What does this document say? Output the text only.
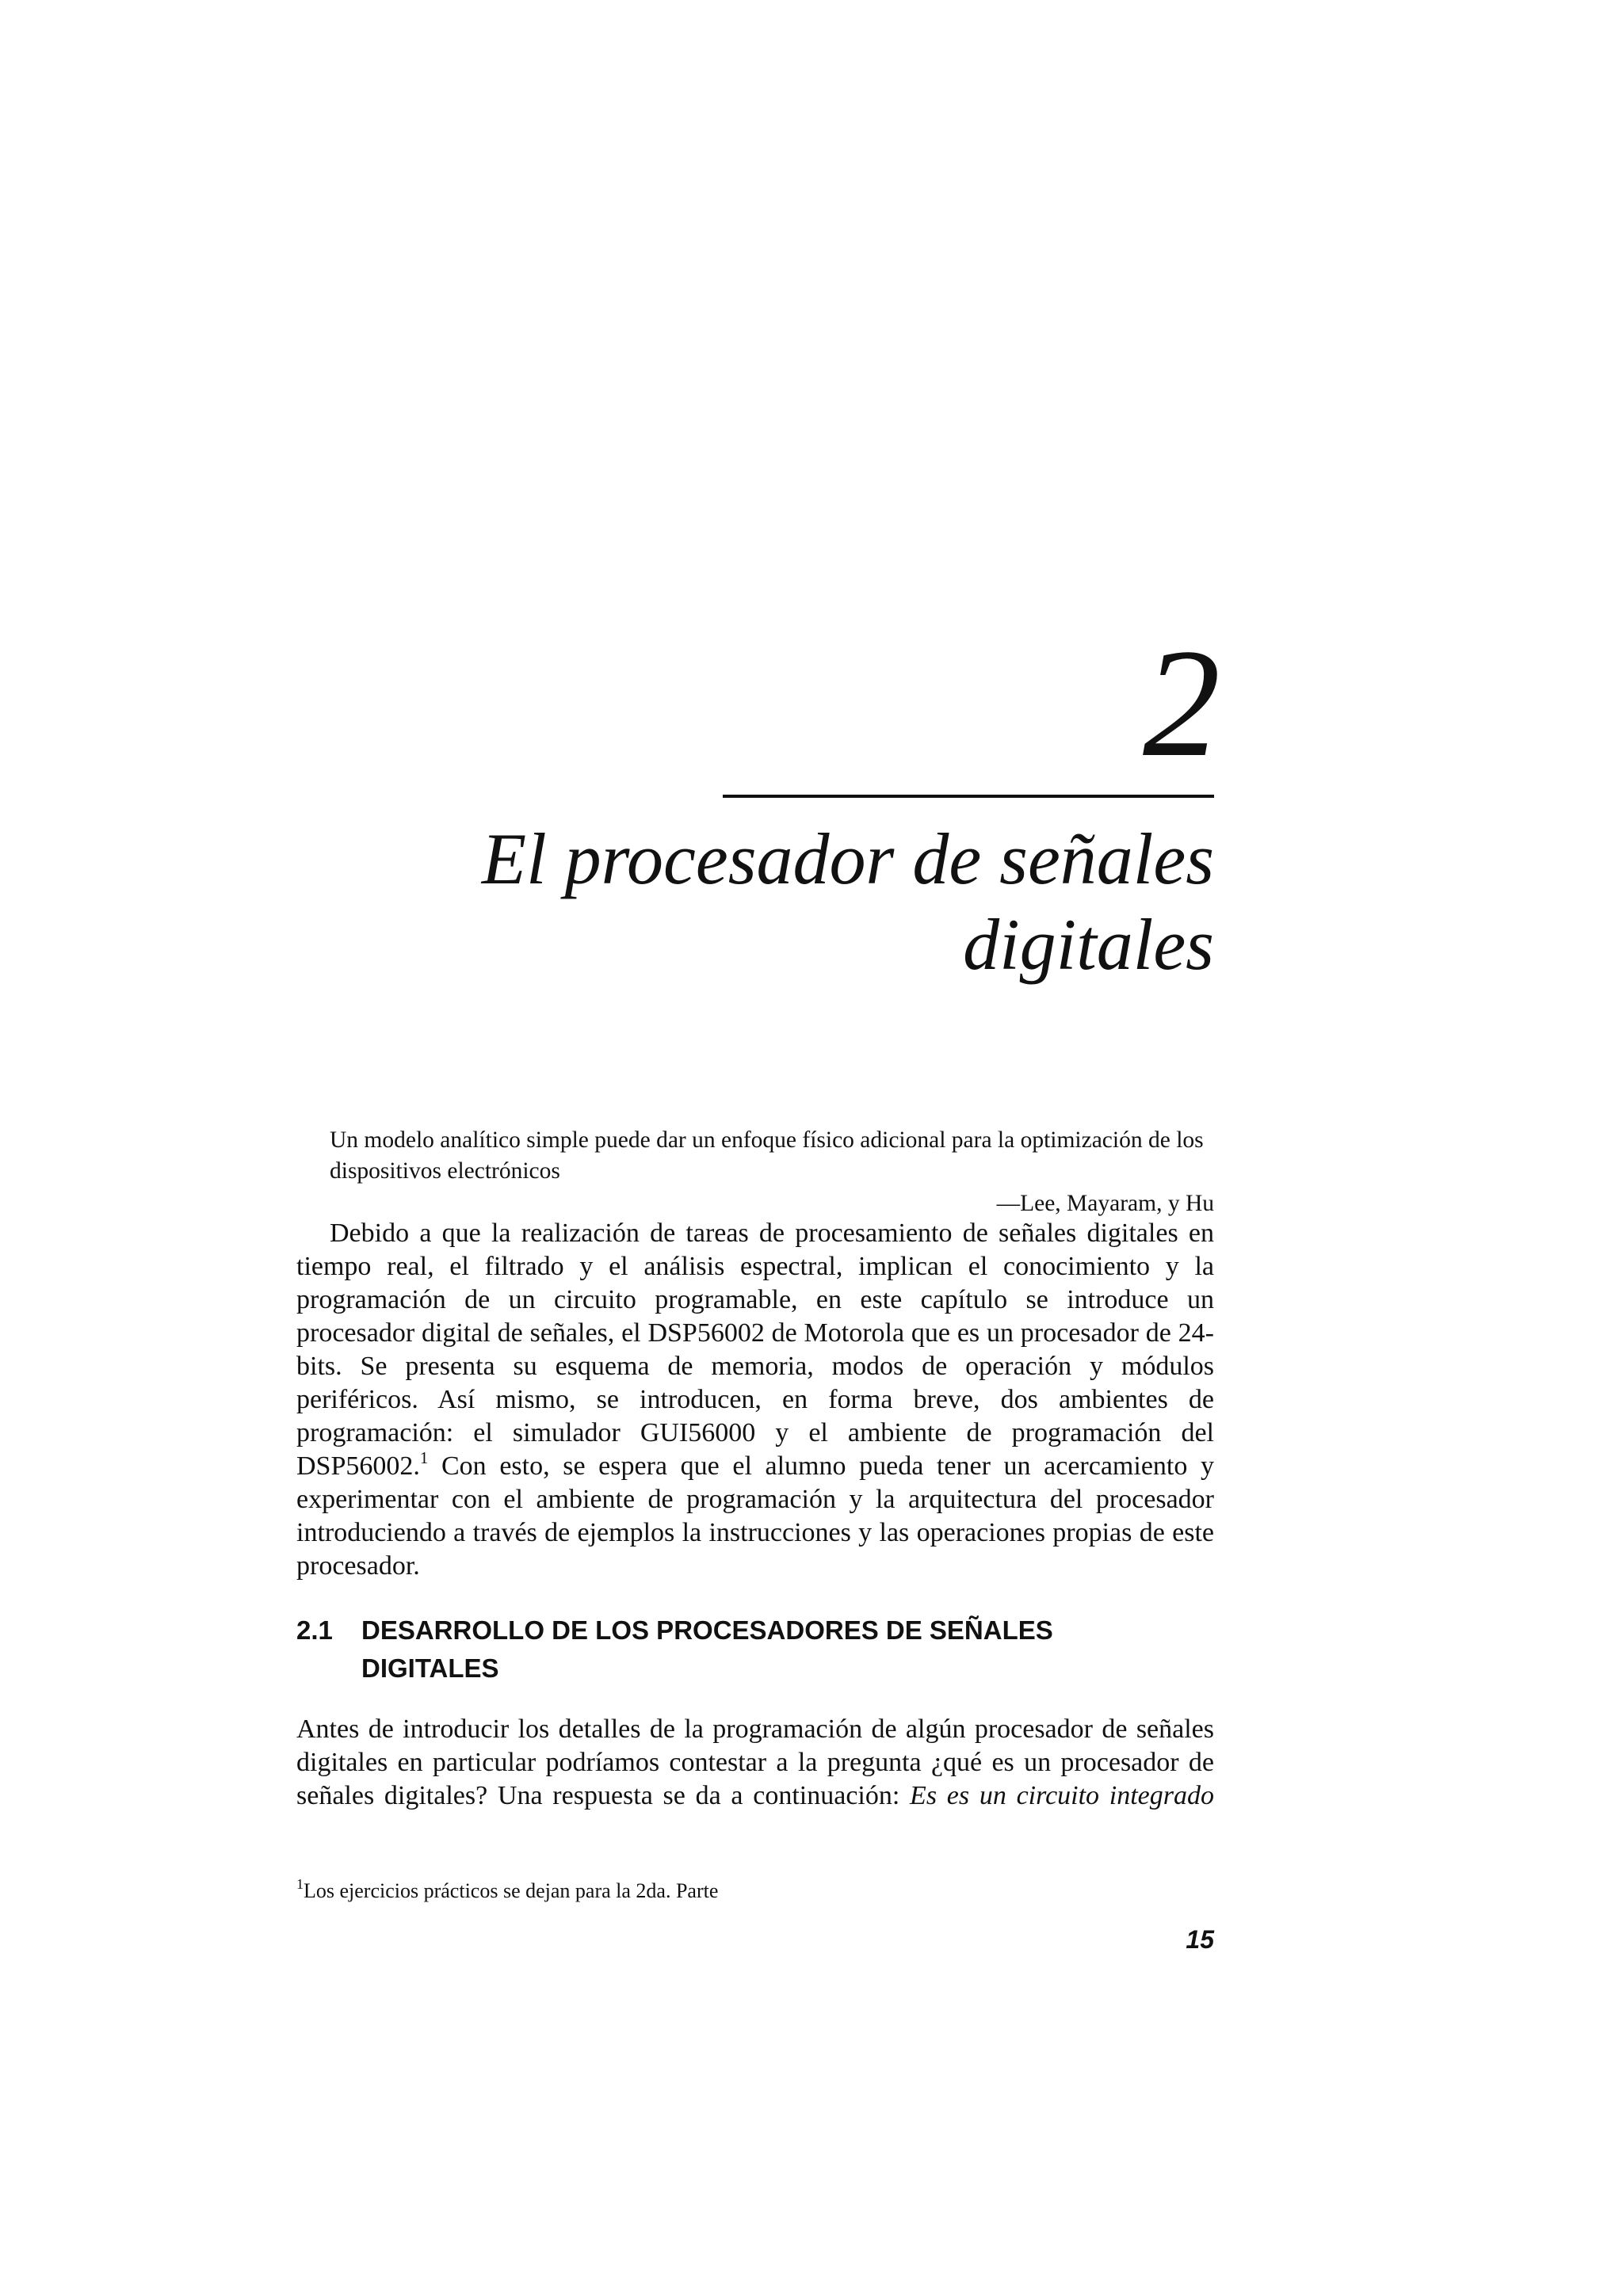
2
El procesador de señales
digitales

Un modelo analítico simple puede dar un enfoque físico adicional para la optimización de los dispositivos electrónicos

—Lee, Mayaram, y Hu

Debido a que la realización de tareas de procesamiento de señales digitales en tiempo real, el filtrado y el análisis espectral, implican el conocimiento y la programación de un circuito programable, en este capítulo se introduce un procesador digital de señales, el DSP56002 de Motorola que es un procesador de 24-bits. Se presenta su esquema de memoria, modos de operación y módulos periféricos. Así mismo, se introducen, en forma breve, dos ambientes de programación: el simulador GUI56000 y el ambiente de programación del DSP56002.$^1$ Con esto, se espera que el alumno pueda tener un acercamiento y experimentar con el ambiente de programación y la arquitectura del procesador introduciendo a través de ejemplos la instrucciones y las operaciones propias de este procesador.

2.1 DESARROLLO DE LOS PROCESADORES DE SEÑALES DIGITALES

Antes de introducir los detalles de la programación de algún procesador de señales digitales en particular podríamos contestar a la pregunta ¿qué es un procesador de señales digitales? Una respuesta se da a continuación: Es es un circuito integrado

$^1$Los ejercicios prácticos se dejan para la 2da. Parte
15
